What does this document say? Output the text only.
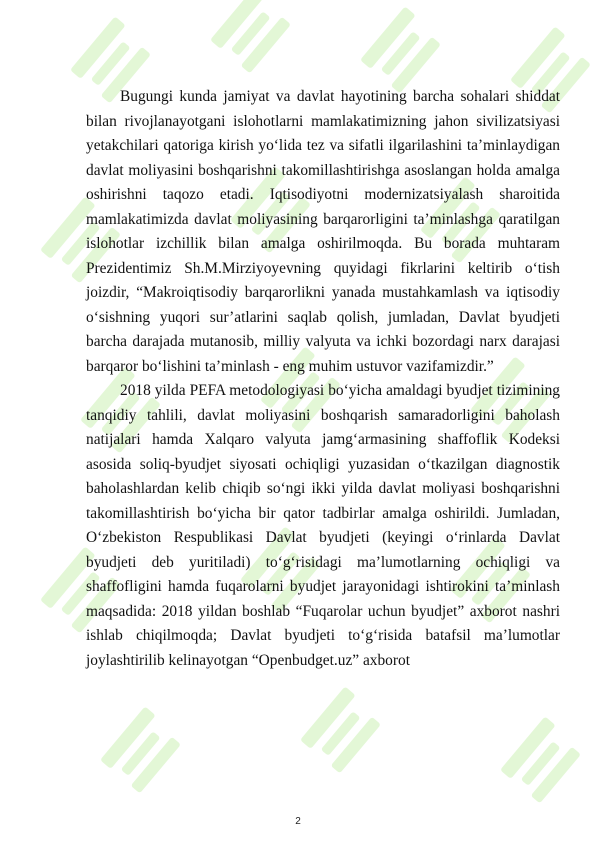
Bugungi kunda jamiyat va davlat hayotining barcha sohalari shiddat bilan rivojlanayotgani islohotlarni mamlakatimizning jahon sivilizatsiyasi yetakchilari qatoriga kirish yo‘lida tez va sifatli ilgarilashini ta’minlaydigan davlat moliyasini boshqarishni takomillashtirishga asoslangan holda amalga oshirishni taqozo etadi. Iqtisodiyotni modernizatsiyalash sharoitida mamlakatimizda davlat moliyasining barqarorligini ta’minlashga qaratilgan islohotlar izchillik bilan amalga oshirilmoqda. Bu borada muhtaram Prezidentimiz Sh.M.Mirziyoyevning quyidagi fikrlarini keltirib o‘tish joizdir, “Makroiqtisodiy barqarorlikni yanada mustahkamlash va iqtisodiy o‘sishning yuqori sur’atlarini saqlab qolish, jumladan, Davlat byudjeti barcha darajada mutanosib, milliy valyuta va ichki bozordagi narx darajasi barqaror bo‘lishini ta’minlash - eng muhim ustuvor vazifamizdir.”

2018 yilda PEFA metodologiyasi bo‘yicha amaldagi byudjet tizimining tanqidiy tahlili, davlat moliyasini boshqarish samaradorligini baholash natijalari hamda Xalqaro valyuta jamg‘armasining shaffoflik Kodeksi asosida soliq-byudjet siyosati ochiqligi yuzasidan o‘tkazilgan diagnostik baholashlardan kelib chiqib so‘ngi ikki yilda davlat moliyasi boshqarishni takomillashtirish bo‘yicha bir qator tadbirlar amalga oshirildi. Jumladan, O‘zbekiston Respublikasi Davlat byudjeti (keyingi o‘rinlarda Davlat byudjeti deb yuritiladi) to‘g‘risidagi ma’lumotlarning ochiqligi va shaffofligini hamda fuqarolarni byudjet jarayonidagi ishtirokini ta’minlash maqsadida: 2018 yildan boshlab “Fuqarolar uchun byudjet” axborot nashri ishlab chiqilmoqda; Davlat byudjeti to‘g‘risida batafsil ma’lumotlar joylashtirilib kelinayotgan “Openbudget.uz” axborot

2
